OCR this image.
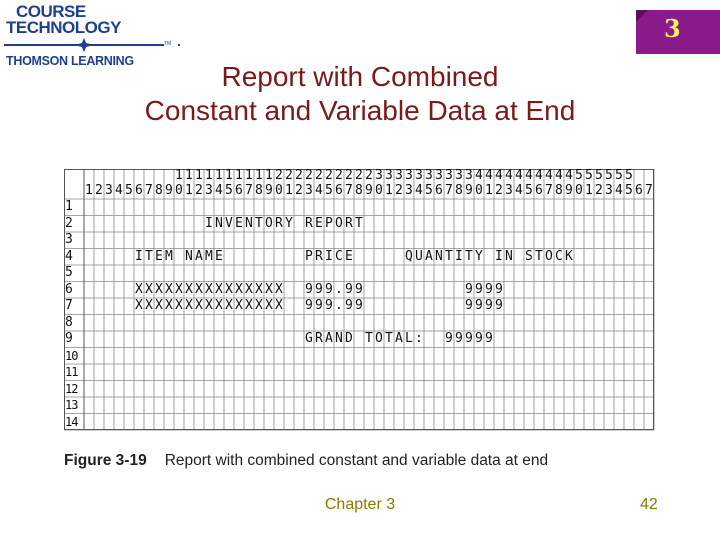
COURSE
TECHNOLOGY
TM
THOMSON LEARNING
3
Report with Combined
Constant and Variable Data at End
1
2
3
4
5
6
7
8
9
10
11
12
13
14
I N V E N T O R Y R E P O R T
I T E M N A M E	P R I C E	Q U A N T I T Y I N S T O C K
X X X X X X X X X X X X X X X 9 9 9 . 9 9	9 9 9 9
X X X X X X X X X X X X X X X 9 9 9 . 9 9	9 9 9 9
G R A N D T O T A L : 9 9 9 9 9
1 1 1 1 1 1 1 1 1 1 2 2 2 2 2 2 2 2 2 2 3 3 3 3 3 3 3 3 3 3 4 4 4 4 4 4 4 4 4 4 5 5 5 5 5 5
1 2 3 4 5 6 7 8 9 0 1 2 3 4 5 6 7 8 9 0 1 2 3 4 5 6 7 8 9 0 1 2 3 4 5 6 7 8 9 0 1 2 3 4 5 6 7 8 9 0 1 2 3 4 5 6 7
Figure 3-19 Report with combined constant and variable data at end
Chapter 3	42
